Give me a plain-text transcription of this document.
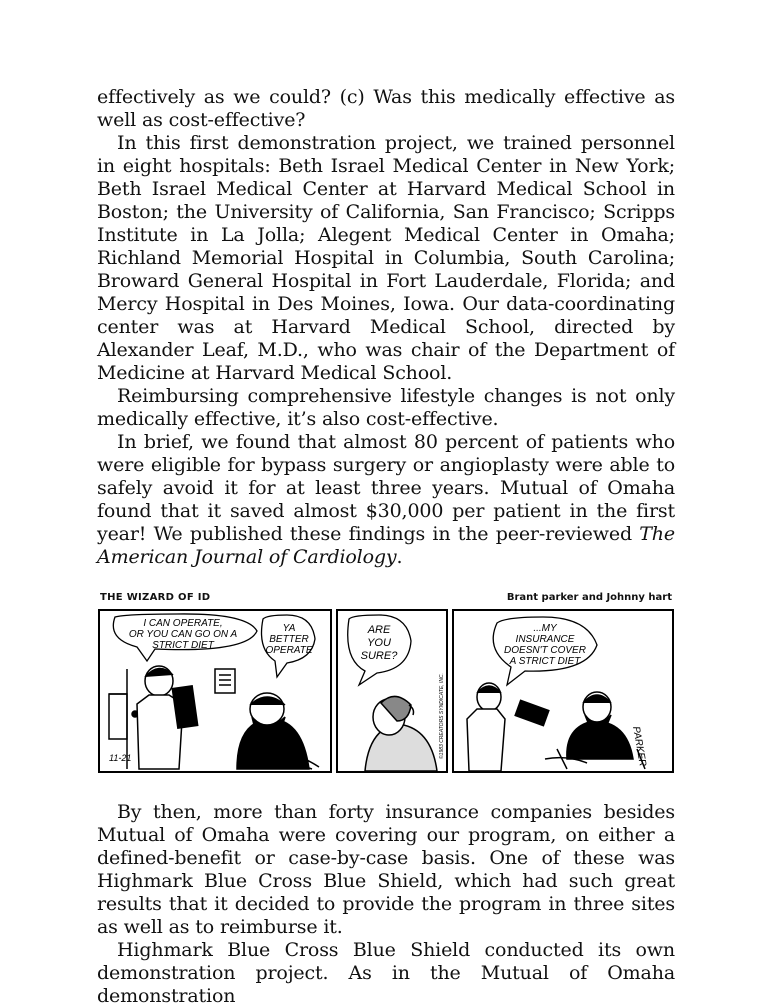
effectively as we could? (c) Was this medically effective as well as cost-effective?

In this first demonstration project, we trained personnel in eight hospitals: Beth Israel Medical Center in New York; Beth Israel Medical Center at Harvard Medical School in Boston; the University of California, San Francisco; Scripps Institute in La Jolla; Alegent Medical Center in Omaha; Richland Memorial Hospital in Columbia, South Carolina; Broward General Hospital in Fort Lauderdale, Florida; and Mercy Hospital in Des Moines, Iowa. Our data-coordinating center was at Harvard Medical School, directed by Alexander Leaf, M.D., who was chair of the Department of Medicine at Harvard Medical School.

Reimbursing comprehensive lifestyle changes is not only medically effective, it’s also cost-effective.

In brief, we found that almost 80 percent of patients who were eligible for bypass surgery or angioplasty were able to safely avoid it for at least three years. Mutual of Omaha found that it saved almost $30,000 per patient in the first year! We published these findings in the peer-reviewed The American Journal of Cardiology.

THE WIZARD OF ID	Brant parker and Johnny hart
I CAN OPERATE,
OR YOU CAN GO ON A
STRICT DIET
YA
BETTER
OPERATE
11-21
ARE
YOU
SURE?
©1983 CREATORS SYNDICATE, INC.
...MY
INSURANCE
DOESN'T COVER
A STRICT DIET
PARKER

By then, more than forty insurance companies besides Mutual of Omaha were covering our program, on either a defined-benefit or case-by-case basis. One of these was Highmark Blue Cross Blue Shield, which had such great results that it decided to provide the program in three sites as well as to reimburse it.

Highmark Blue Cross Blue Shield conducted its own demonstration project. As in the Mutual of Omaha demonstration
